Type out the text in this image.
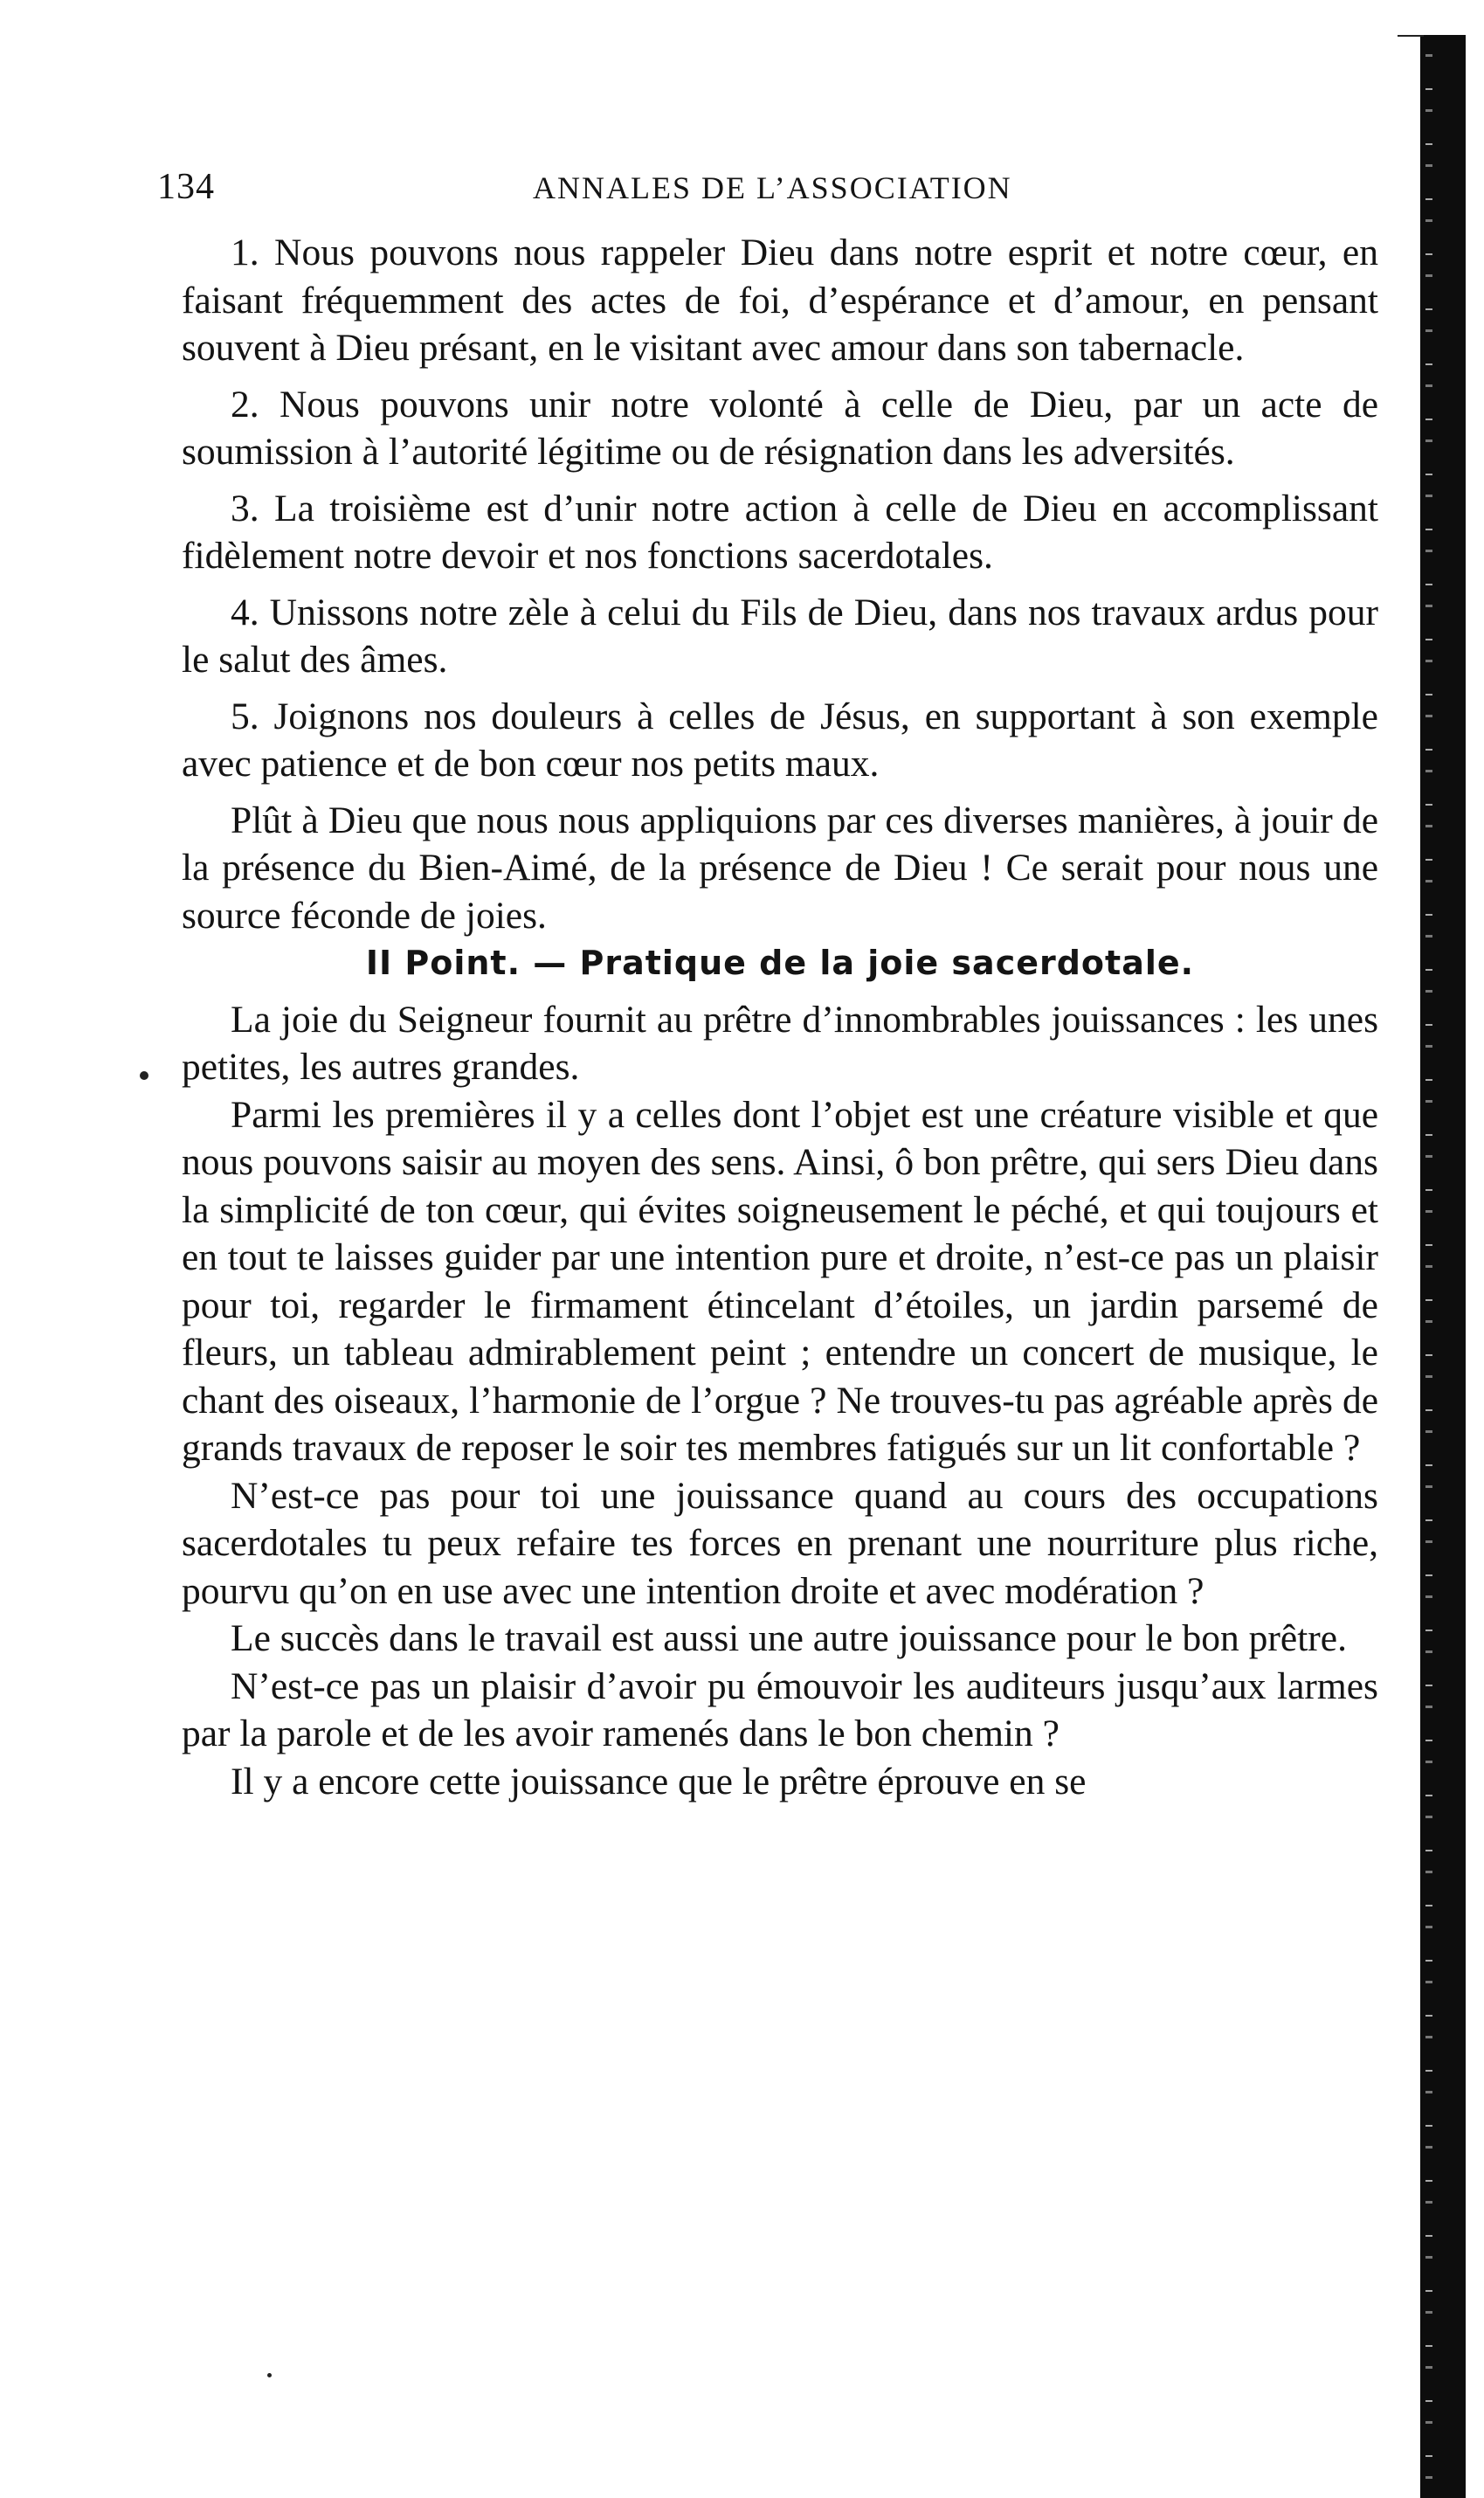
134	ANNALES DE L’ASSOCIATION

1. Nous pouvons nous rappeler Dieu dans notre esprit et notre cœur, en faisant fréquemment des actes de foi, d’espérance et d’amour, en pensant souvent à Dieu présant, en le visitant avec amour dans son tabernacle.

2. Nous pouvons unir notre volonté à celle de Dieu, par un acte de soumission à l’autorité légitime ou de résignation dans les adversités.

3. La troisième est d’unir notre action à celle de Dieu en accomplissant fidèlement notre devoir et nos fonctions sacerdotales.

4. Unissons notre zèle à celui du Fils de Dieu, dans nos travaux ardus pour le salut des âmes.

5. Joignons nos douleurs à celles de Jésus, en supportant à son exemple avec patience et de bon cœur nos petits maux.

Plût à Dieu que nous nous appliquions par ces diverses manières, à jouir de la présence du Bien-Aimé, de la présence de Dieu ! Ce serait pour nous une source féconde de joies.

II Point. — Pratique de la joie sacerdotale.

La joie du Seigneur fournit au prêtre d’innombrables jouissances : les unes petites, les autres grandes.

Parmi les premières il y a celles dont l’objet est une créature visible et que nous pouvons saisir au moyen des sens. Ainsi, ô bon prêtre, qui sers Dieu dans la simplicité de ton cœur, qui évites soigneusement le péché, et qui toujours et en tout te laisses guider par une intention pure et droite, n’est-ce pas un plaisir pour toi, regarder le firmament étincelant d’étoiles, un jardin parsemé de fleurs, un tableau admirablement peint ; entendre un concert de musique, le chant des oiseaux, l’harmonie de l’orgue ? Ne trouves-tu pas agréable après de grands travaux de reposer le soir tes membres fatigués sur un lit confortable ?

N’est-ce pas pour toi une jouissance quand au cours des occupations sacerdotales tu peux refaire tes forces en prenant une nourriture plus riche, pourvu qu’on en use avec une intention droite et avec modération ?

Le succès dans le travail est aussi une autre jouissance pour le bon prêtre.

N’est-ce pas un plaisir d’avoir pu émouvoir les auditeurs jusqu’aux larmes par la parole et de les avoir ramenés dans le bon chemin ?

Il y a encore cette jouissance que le prêtre éprouve en se
